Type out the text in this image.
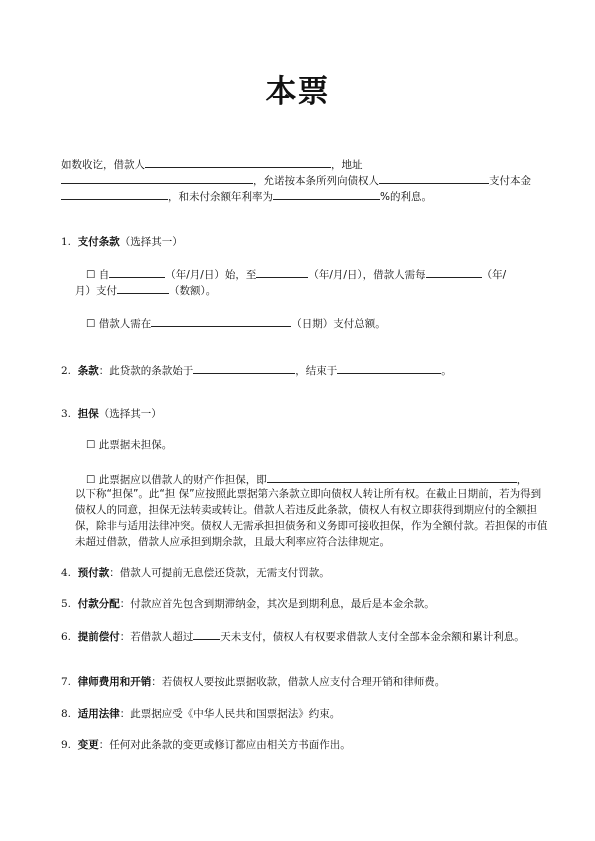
本票
如数收讫，借款人	，地址
，允诺按本条所列向债权人	支付本金
，和未付余额年利率为	%的利息。
1. 支付条款（选择其一）
☐ 自	（年/月/日）始，至	（年/月/日），借款人需每	（年/
月）支付	（数额）。
☐ 借款人需在	（日期）支付总额。
2. 条款：此贷款的条款始于	，结束于	。
3. 担保（选择其一）
☐ 此票据未担保。
☐ 此票据应以借款人的财产作担保，即	，
以下称“担保”。此“担 保”应按照此票据第六条款立即向债权人转让所有权。在截止日期前，若为得到债权人的同意，担保无法转卖或转让。借款人若违反此条款，债权人有权立即获得到期应付的全额担保，除非与适用法律冲突。债权人无需承担担债务和义务即可接收担保，作为全额付款。若担保的市值未超过借款，借款人应承担到期余款，且最大利率应符合法律规定。
4. 预付款：借款人可提前无息偿还贷款，无需支付罚款。
5. 付款分配：付款应首先包含到期滞纳金，其次是到期利息，最后是本金余款。
6. 提前偿付：若借款人超过	天未支付，债权人有权要求借款人支付全部本金余额和累计利息。
7. 律师费用和开销：若债权人要按此票据收款，借款人应支付合理开销和律师费。
8. 适用法律：此票据应受《中华人民共和国票据法》约束。
9. 变更：任何对此条款的变更或修订都应由相关方书面作出。
